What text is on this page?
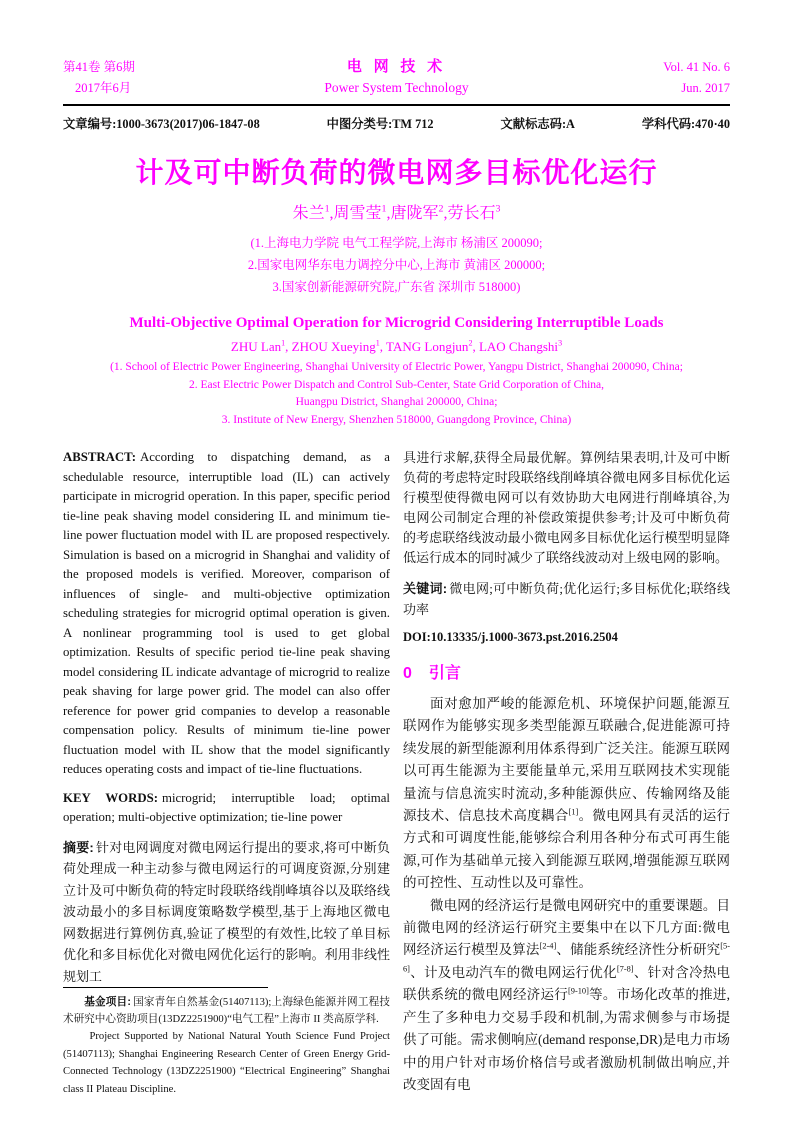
第41卷 第6期
2017年6月
电 网 技 术
Power System Technology
Vol. 41 No. 6
Jun. 2017
文章编号:1000-3673(2017)06-1847-08	中图分类号:TM 712	文献标志码:A	学科代码:470·40
计及可中断负荷的微电网多目标优化运行
朱兰$^1$,周雪莹$^1$,唐陇军$^2$,劳长石$^3$
(1.上海电力学院 电气工程学院,上海市 杨浦区 200090;
2.国家电网华东电力调控分中心,上海市 黄浦区 200000;
3.国家创新能源研究院,广东省 深圳市 518000)
Multi-Objective Optimal Operation for Microgrid Considering Interruptible Loads
ZHU Lan$^1$, ZHOU Xueying$^1$, TANG Longjun$^2$, LAO Changshi$^3$
(1. School of Electric Power Engineering, Shanghai University of Electric Power, Yangpu District, Shanghai 200090, China;
2. East Electric Power Dispatch and Control Sub-Center, State Grid Corporation of China,
Huangpu District, Shanghai 200000, China;
3. Institute of New Energy, Shenzhen 518000, Guangdong Province, China)

ABSTRACT: According to dispatching demand, as a schedulable resource, interruptible load (IL) can actively participate in microgrid operation. In this paper, specific period tie-line peak shaving model considering IL and minimum tie-line power fluctuation model with IL are proposed respectively. Simulation is based on a microgrid in Shanghai and validity of the proposed models is verified. Moreover, comparison of influences of single- and multi-objective optimization scheduling strategies for microgrid optimal operation is given. A nonlinear programming tool is used to get global optimization. Results of specific period tie-line peak shaving model considering IL indicate advantage of microgrid to realize peak shaving for large power grid. The model can also offer reference for power grid companies to develop a reasonable compensation policy. Results of minimum tie-line power fluctuation model with IL show that the model significantly reduces operating costs and impact of tie-line fluctuations.

KEY WORDS: microgrid; interruptible load; optimal operation; multi-objective optimization; tie-line power

摘要: 针对电网调度对微电网运行提出的要求,将可中断负荷处理成一种主动参与微电网运行的可调度资源,分别建立计及可中断负荷的特定时段联络线削峰填谷以及联络线波动最小的多目标调度策略数学模型,基于上海地区微电网数据进行算例仿真,验证了模型的有效性,比较了单目标优化和多目标优化对微电网优化运行的影响。利用非线性规划工

基金项目: 国家青年自然基金(51407113);上海绿色能源并网工程技术研究中心资助项目(13DZ2251900)“电气工程”上海市 II 类高原学科.

Project Supported by National Natural Youth Science Fund Project (51407113); Shanghai Engineering Research Center of Green Energy Grid-Connected Technology (13DZ2251900) “Electrical Engineering” Shanghai class II Plateau Discipline.

具进行求解,获得全局最优解。算例结果表明,计及可中断负荷的考虑特定时段联络线削峰填谷微电网多目标优化运行模型使得微电网可以有效协助大电网进行削峰填谷,为电网公司制定合理的补偿政策提供参考;计及可中断负荷的考虑联络线波动最小微电网多目标优化运行模型明显降低运行成本的同时减少了联络线波动对上级电网的影响。

关键词: 微电网;可中断负荷;优化运行;多目标优化;联络线功率

DOI:10.13335/j.1000-3673.pst.2016.2504

0 引言

面对愈加严峻的能源危机、环境保护问题,能源互联网作为能够实现多类型能源互联融合,促进能源可持续发展的新型能源利用体系得到广泛关注。能源互联网以可再生能源为主要能量单元,采用互联网技术实现能量流与信息流实时流动,多种能源供应、传输网络及能源技术、信息技术高度耦合[1]。微电网具有灵活的运行方式和可调度性能,能够综合利用各种分布式可再生能源,可作为基础单元接入到能源互联网,增强能源互联网的可控性、互动性以及可靠性。

微电网的经济运行是微电网研究中的重要课题。目前微电网的经济运行研究主要集中在以下几方面:微电网经济运行模型及算法[2-4]、储能系统经济性分析研究[5-6]、计及电动汽车的微电网运行优化[7-8]、针对含冷热电联供系统的微电网经济运行[9-10]等。市场化改革的推进,产生了多种电力交易手段和机制,为需求侧参与市场提供了可能。需求侧响应(demand response,DR)是电力市场中的用户针对市场价格信号或者激励机制做出响应,并改变固有电
